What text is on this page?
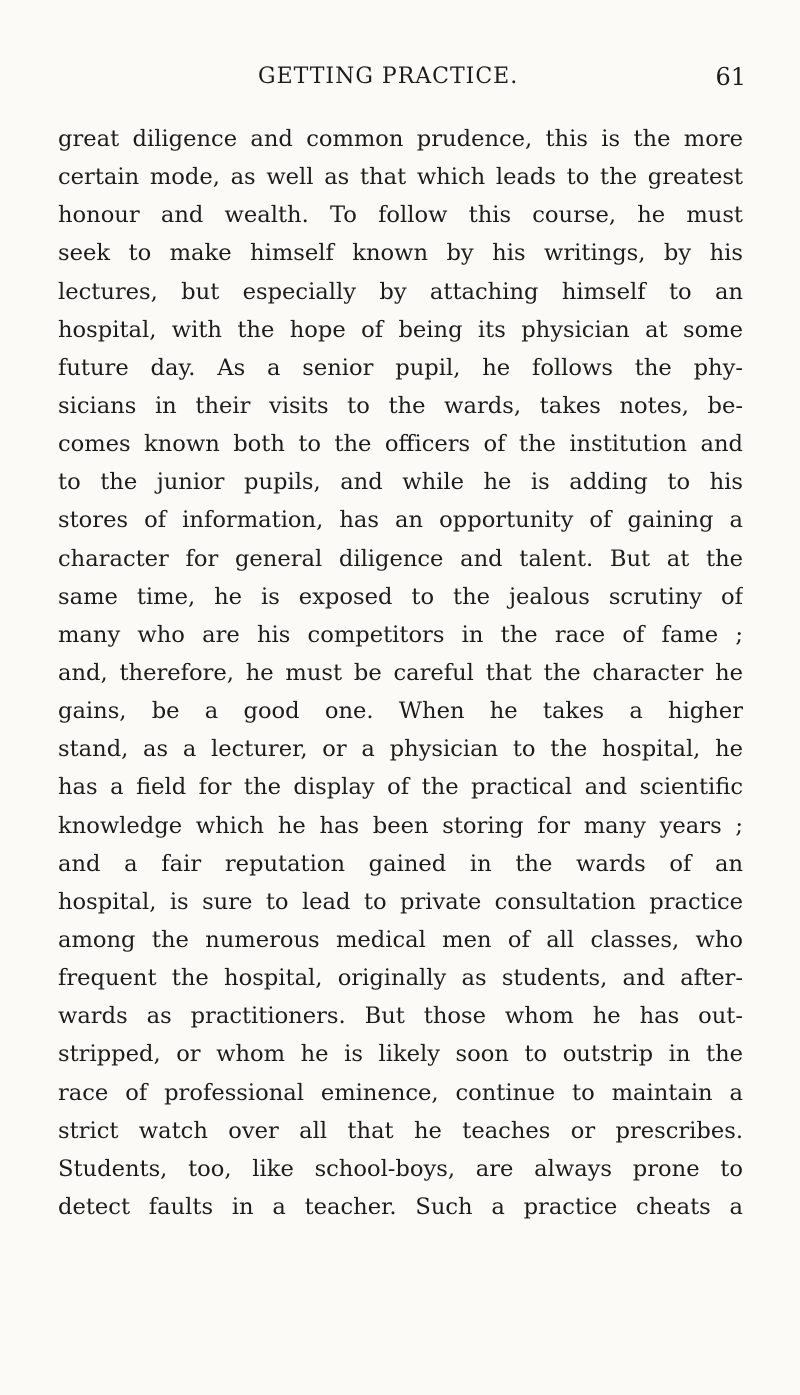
GETTING PRACTICE.	61
great diligence and common prudence, this is the more
certain mode, as well as that which leads to the greatest
honour and wealth. To follow this course, he must
seek to make himself known by his writings, by his
lectures, but especially by attaching himself to an
hospital, with the hope of being its physician at some
future day. As a senior pupil, he follows the phy-
sicians in their visits to the wards, takes notes, be-
comes known both to the officers of the institution and
to the junior pupils, and while he is adding to his
stores of information, has an opportunity of gaining a
character for general diligence and talent. But at the
same time, he is exposed to the jealous scrutiny of
many who are his competitors in the race of fame ;
and, therefore, he must be careful that the character he
gains, be a good one. When he takes a higher
stand, as a lecturer, or a physician to the hospital, he
has a field for the display of the practical and scientific
knowledge which he has been storing for many years ;
and a fair reputation gained in the wards of an
hospital, is sure to lead to private consultation practice
among the numerous medical men of all classes, who
frequent the hospital, originally as students, and after-
wards as practitioners. But those whom he has out-
stripped, or whom he is likely soon to outstrip in the
race of professional eminence, continue to maintain a
strict watch over all that he teaches or prescribes.
Students, too, like school-boys, are always prone to
detect faults in a teacher. Such a practice cheats a
